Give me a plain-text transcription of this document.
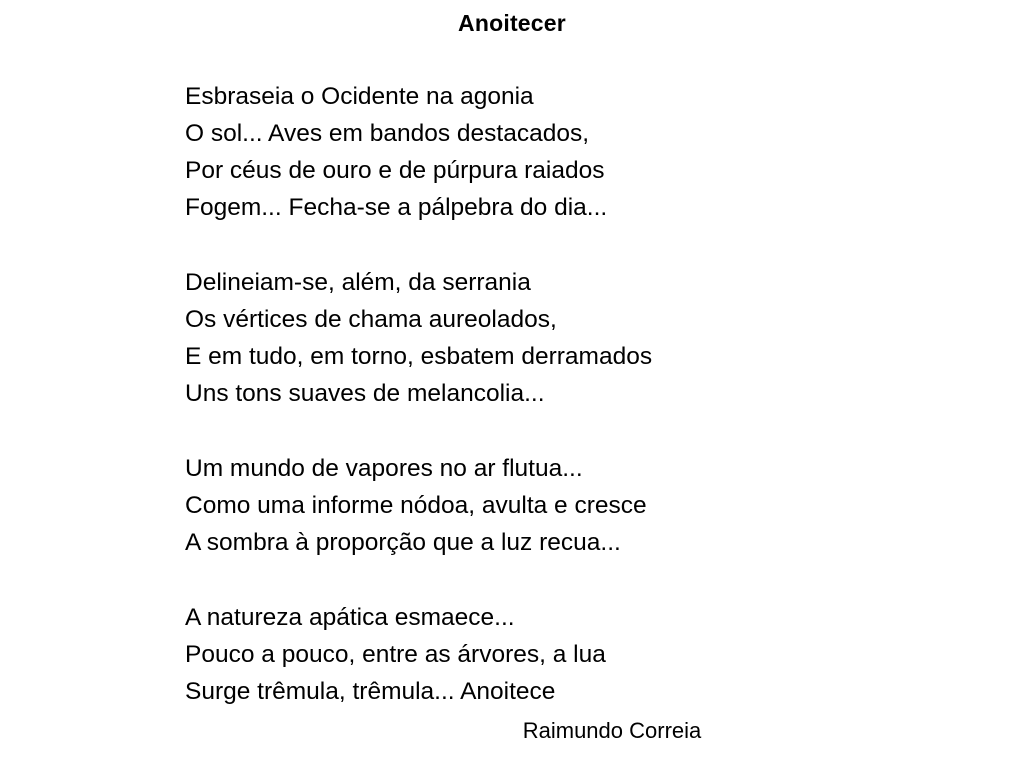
Anoitecer
Esbraseia o Ocidente na agonia
O sol... Aves em bandos destacados,
Por céus de ouro e de púrpura raiados
Fogem... Fecha-se a pálpebra do dia...
Delineiam-se, além, da serrania
Os vértices de chama aureolados,
E em tudo, em torno, esbatem derramados
Uns tons suaves de melancolia...
Um mundo de vapores no ar flutua...
Como uma informe nódoa, avulta e cresce
A sombra à proporção que a luz recua...
A natureza apática esmaece...
Pouco a pouco, entre as árvores, a lua
Surge trêmula, trêmula... Anoitece
Raimundo Correia
